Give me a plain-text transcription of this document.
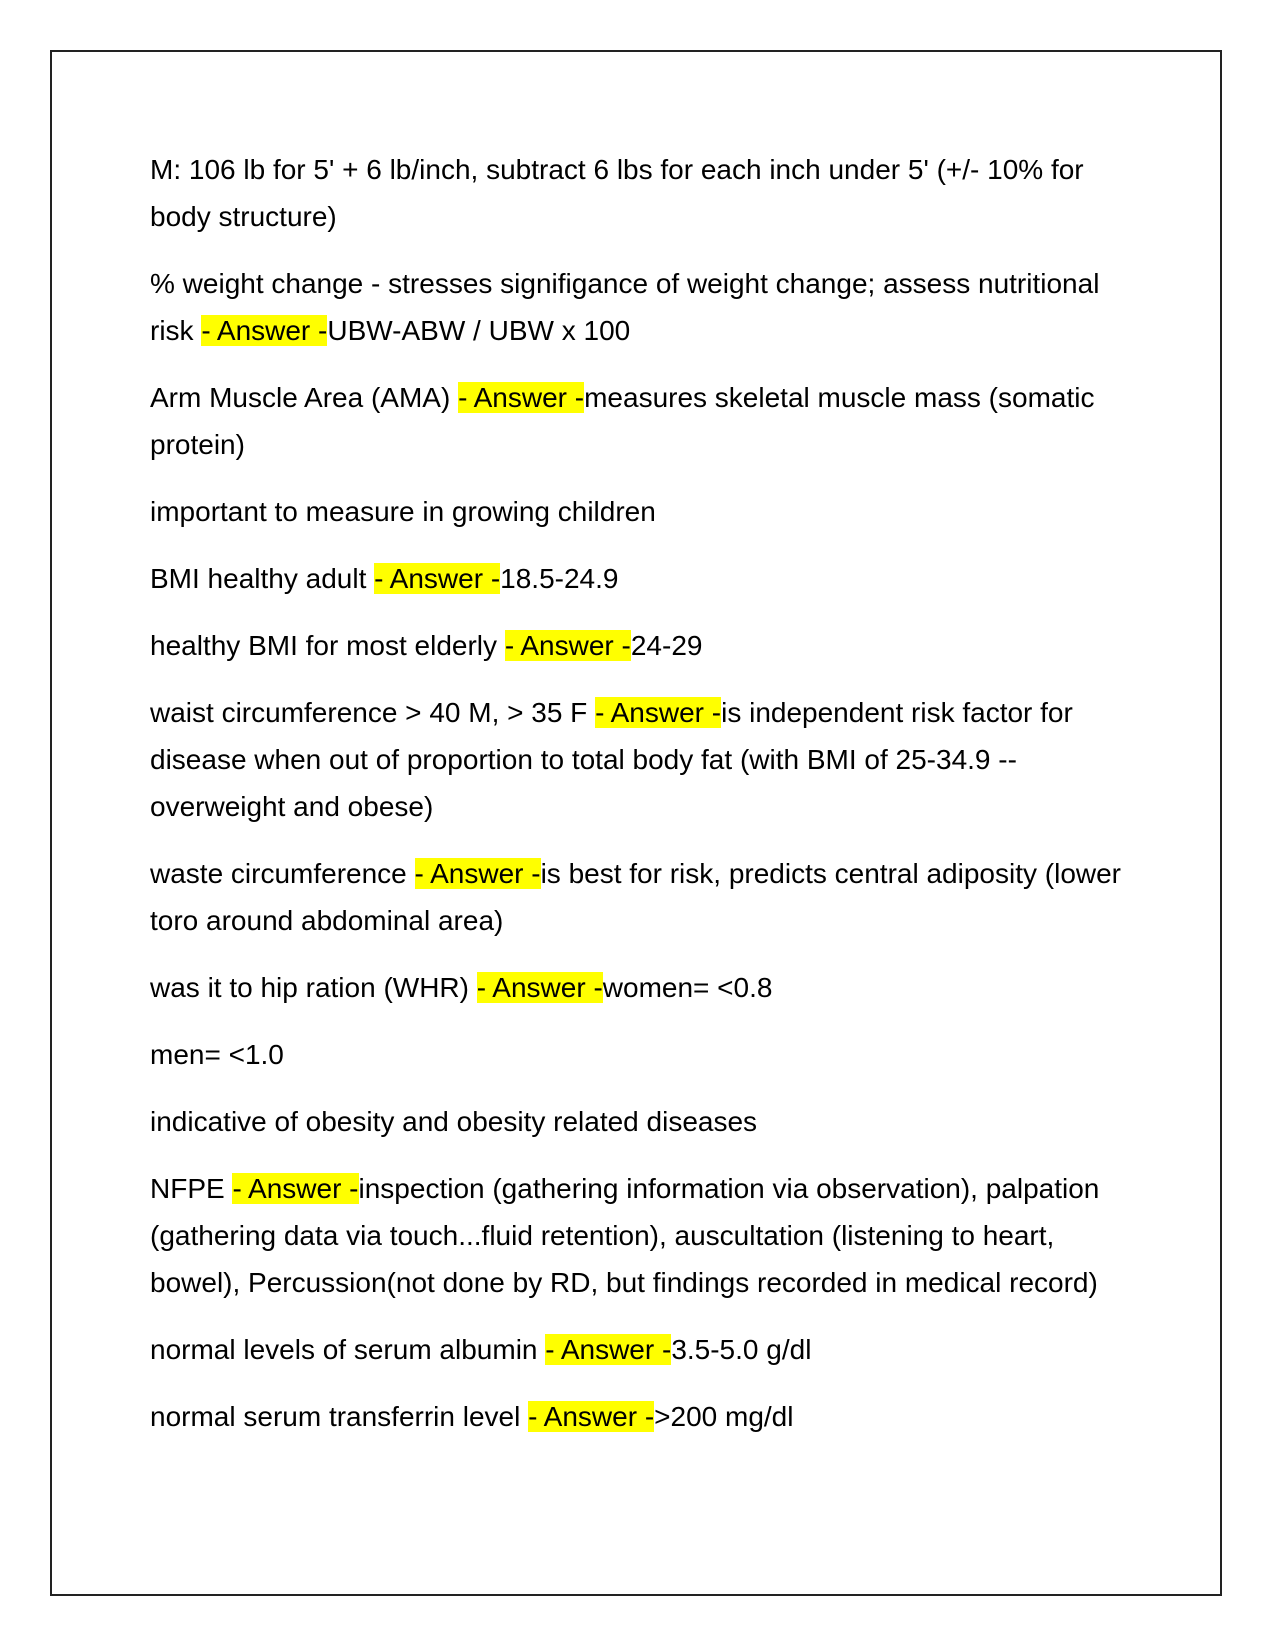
M: 106 lb for 5' + 6 lb/inch, subtract 6 lbs for each inch under 5' (+/- 10% for body structure)

% weight change - stresses signifigance of weight change; assess nutritional risk - Answer -UBW-ABW / UBW x 100

Arm Muscle Area (AMA) - Answer -measures skeletal muscle mass (somatic protein)

important to measure in growing children

BMI healthy adult - Answer -18.5-24.9

healthy BMI for most elderly - Answer -24-29

waist circumference > 40 M, > 35 F - Answer -is independent risk factor for disease when out of proportion to total body fat (with BMI of 25-34.9 -- overweight and obese)

waste circumference - Answer -is best for risk, predicts central adiposity (lower toro around abdominal area)

was it to hip ration (WHR) - Answer -women= <0.8

men= <1.0

indicative of obesity and obesity related diseases

NFPE - Answer -inspection (gathering information via observation), palpation (gathering data via touch...fluid retention), auscultation (listening to heart, bowel), Percussion(not done by RD, but findings recorded in medical record)

normal levels of serum albumin - Answer -3.5-5.0 g/dl

normal serum transferrin level - Answer ->200 mg/dl
